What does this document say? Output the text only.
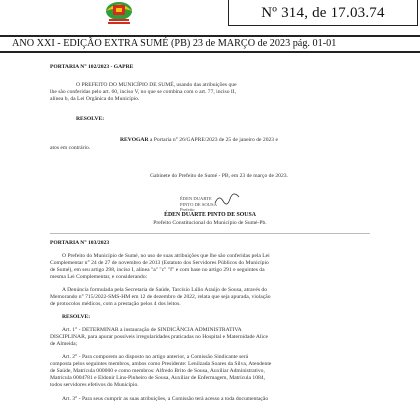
Nº 314, de 17.03.74
ANO XXI - EDIÇÃO EXTRA SUMÉ (PB) 23 de MARÇO de 2023 pág. 01-01
PORTARIA N° 102/2023 - GAPRE
O PREFEITO DO MUNICÍPIO DE SUMÉ, usando das atribuições que
lhe são conferidas pelo art. 60, inciso V, no que se combina com o art. 77, inciso II,
alínea b, da Lei Orgânica do Município.
RESOLVE:
REVOGAR a Portaria n° 26/GAPRE/2023 de 25 de janeiro de 2023 e
atos em contrário.
Gabinete do Prefeito de Sumé - PB, em 23 de março de 2023.
ÉDEN DUARTE
PINTO DE SOUSA
Prefeito
ÉDEN DUARTE PINTO DE SOUSA
Prefeito Constitucional do Município de Sumé-Pb.
PORTARIA N° 103/2023
O Prefeito do Município de Sumé, no uso de suas atribuições que lhe são conferidas pela Lei
Complementar n° 24 de 27 de novembro de 2013 (Estatuto dos Servidores Públicos do Município
de Sumé), em seu artigo 298, inciso I, alínea "a" "c" "f" e com base no artigo 291 e seguintes da
mesma Lei Complementar, e considerando:
A Denúncia formulada pela Secretaria de Saúde, Tarcísio Lúlio Araújo de Sousa, através do
Memorando n° 715/2022-SMS-HM em 12 de dezembro de 2022, relata que seja apurada, violação
de protocolos médicos, com a prestação pelos 4 dos leitos.
RESOLVE:
Art. 1° - DETERMINAR a instauração de SINDICÂNCIA ADMINISTRATIVA
DISCIPLINAR, para apurar possíveis irregularidades praticadas no Hospital e Maternidade Alice
de Almeida;
Art. 2° - Para comporem ao disposto no artigo anterior, a Comissão Sindicante será
composta pelos seguintes membros, ambos como Presidente: Lenilzada Soares da Silva, Atendente
de Saúde, Matrícula 000000 e como membros: Alfredo Brito de Sousa, Auxiliar Administrativo,
Matrícula 0004781 e Eldonir Lins-Pinheiro de Sousa, Auxiliar de Enfermagem, Matrícula 1084,
todos servidores efetivos do Município.
Art. 3° - Para seus cumprir as suas atribuições, a Comissão terá acesso a toda documentação
